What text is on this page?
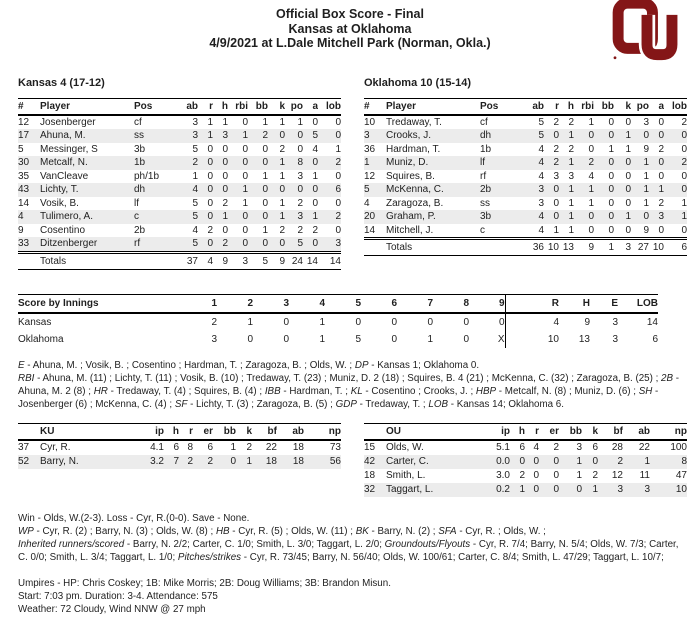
Official Box Score - Final
Kansas at Oklahoma
4/9/2021 at L.Dale Mitchell Park (Norman, Okla.)

Kansas 4 (17-12)

#	Player	Pos	ab	r	h	rbi	bb	k	po	a	lob
12	Josenberger	cf	3	1	1	0	1	1	1	0	0
17	Ahuna, M.	ss	3	1	3	1	2	0	0	5	0
5	Messinger, S	3b	5	0	0	0	0	2	0	4	1
30	Metcalf, N.	1b	2	0	0	0	0	1	8	0	2
35	VanCleave	ph/1b	1	0	0	0	1	1	3	1	0
43	Lichty, T.	dh	4	0	0	1	0	0	0	0	6
14	Vosik, B.	lf	5	0	2	1	0	1	2	0	0
4	Tulimero, A.	c	5	0	1	0	0	1	3	1	2
9	Cosentino	2b	4	2	0	0	1	2	2	2	0
33	Ditzenberger	rf	5	0	2	0	0	0	5	0	3
	Totals		37	4	9	3	5	9	24	14	14

Oklahoma 10 (15-14)

#	Player	Pos	ab	r	h	rbi	bb	k	po	a	lob
10	Tredaway, T.	cf	5	2	2	1	0	0	3	0	2
3	Crooks, J.	dh	5	0	1	0	0	1	0	0	0
36	Hardman, T.	1b	4	2	2	0	1	1	9	2	0
1	Muniz, D.	lf	4	2	1	2	0	0	1	0	2
12	Squires, B.	rf	4	3	3	4	0	0	1	0	0
5	McKenna, C.	2b	3	0	1	1	0	0	1	1	0
4	Zaragoza, B.	ss	3	0	1	1	0	0	1	2	1
20	Graham, P.	3b	4	0	1	0	0	1	0	3	1
14	Mitchell, J.	c	4	1	1	0	0	0	9	0	0
	Totals		36	10	13	9	1	3	27	10	6
Score by Innings	1	2	3	4	5	6	7	8	9		R	H	E	LOB
Kansas	2	1	0	1	0	0	0	0	0		4	9	3	14
Oklahoma	3	0	0	1	5	0	1	0	X		10	13	3	6

E - Ahuna, M. ; Vosik, B. ; Cosentino ; Hardman, T. ; Zaragoza, B. ; Olds, W. ; DP - Kansas 1; Oklahoma 0.

RBI - Ahuna, M. (11) ; Lichty, T. (11) ; Vosik, B. (10) ; Tredaway, T. (23) ; Muniz, D. 2 (18) ; Squires, B. 4 (21) ; McKenna, C. (32) ; Zaragoza, B. (25) ; 2B - Ahuna, M. 2 (8) ; HR - Tredaway, T. (4) ; Squires, B. (4) ; IBB - Hardman, T. ; KL - Cosentino ; Crooks, J. ; HBP - Metcalf, N. (8) ; Muniz, D. (6) ; SH - Josenberger (6) ; McKenna, C. (4) ; SF - Lichty, T. (3) ; Zaragoza, B. (5) ; GDP - Tredaway, T. ; LOB - Kansas 14; Oklahoma 6.

	KU	ip	h	r	er	bb	k	bf	ab	np
37	Cyr, R.	4.1	6	8	6	1	2	22	18	73
52	Barry, N.	3.2	7	2	2	0	1	18	18	56
	OU	ip	h	r	er	bb	k	bf	ab	np
15	Olds, W.	5.1	6	4	2	3	6	28	22	100
42	Carter, C.	0.0	0	0	0	1	0	2	1	8
18	Smith, L.	3.0	2	0	0	1	2	12	11	47
32	Taggart, L.	0.2	1	0	0	0	1	3	3	10

Win - Olds, W.(2-3). Loss - Cyr, R.(0-0). Save - None.

WP - Cyr, R. (2) ; Barry, N. (3) ; Olds, W. (8) ; HB - Cyr, R. (5) ; Olds, W. (11) ; BK - Barry, N. (2) ; SFA - Cyr, R. ; Olds, W. ;

Inherited runners/scored - Barry, N. 2/2; Carter, C. 1/0; Smith, L. 3/0; Taggart, L. 2/0; Groundouts/Flyouts - Cyr, R. 7/4; Barry, N. 5/4; Olds, W. 7/3; Carter, C. 0/0; Smith, L. 3/4; Taggart, L. 1/0; Pitches/strikes - Cyr, R. 73/45; Barry, N. 56/40; Olds, W. 100/61; Carter, C. 8/4; Smith, L. 47/29; Taggart, L. 10/7;

Umpires - HP: Chris Coskey; 1B: Mike Morris; 2B: Doug Williams; 3B: Brandon Misun.

Start: 7:03 pm. Duration: 3-4. Attendance: 575

Weather: 72 Cloudy, Wind NNW @ 27 mph
